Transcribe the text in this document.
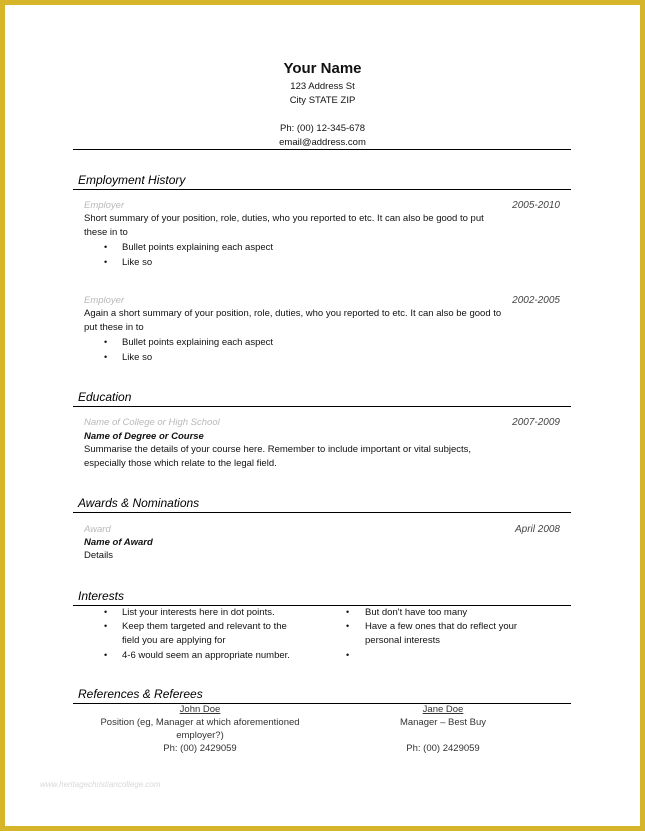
Your Name
123 Address St
City STATE ZIP
Ph: (00) 12-345-678
email@address.com
Employment History
Employer	2005-2010
Short summary of your position, role, duties, who you reported to etc. It can also be good to put
these in to
• Bullet points explaining each aspect
• Like so
Employer	2002-2005
Again a short summary of your position, role, duties, who you reported to etc. It can also be good to
put these in to
• Bullet points explaining each aspect
• Like so
Education
Name of College or High School	2007-2009
Name of Degree or Course
Summarise the details of your course here. Remember to include important or vital subjects,
especially those which relate to the legal field.
Awards & Nominations
Award	April 2008
Name of Award
Details
Interests
• List your interests here in dot points.
• Keep them targeted and relevant to the
field you are applying for
• 4-6 would seem an appropriate number.
• But don't have too many
• Have a few ones that do reflect your
personal interests
•
References & Referees
John Doe
Position (eg, Manager at which aforementioned
employer?)
Ph: (00) 2429059
Jane Doe
Manager – Best Buy
Ph: (00) 2429059
www.heritagechristiancollege.com
